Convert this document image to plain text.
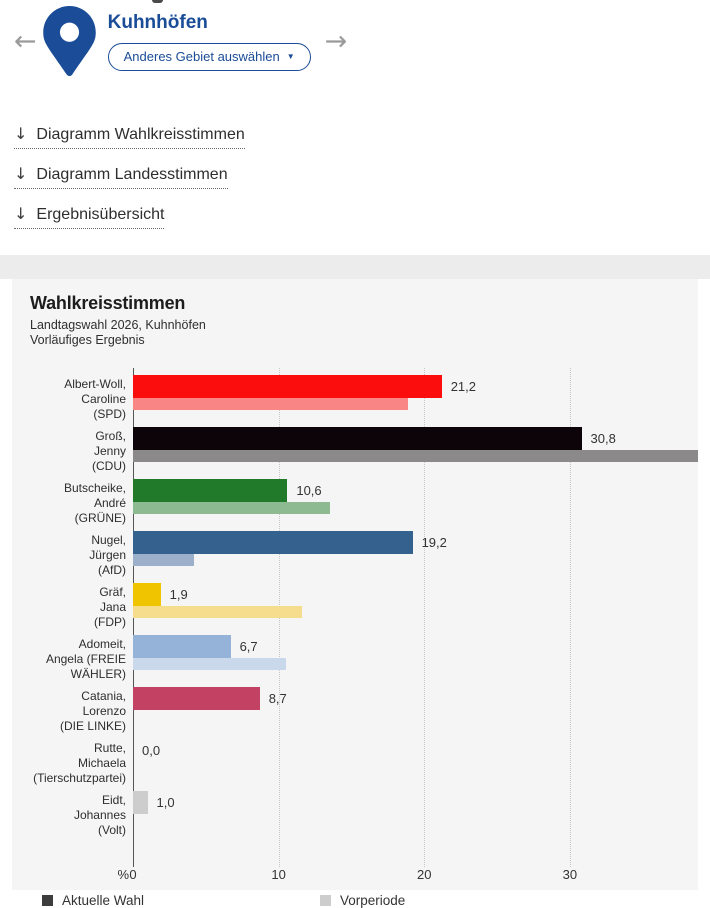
←
Kuhnhöfen
Anderes Gebiet auswählen ▼ →
↓ Diagramm Wahlkreisstimmen
↓ Diagramm Landesstimmen
↓ Ergebnisübersicht
Wahlkreisstimmen
Landtagswahl 2026, Kuhnhöfen
Vorläufiges Ergebnis
Albert-Woll,
Caroline
(SPD)
21,2
Groß,
Jenny
(CDU)
30,8
Butscheike,
André
(GRÜNE)
10,6
Nugel,
Jürgen
(AfD)
19,2
Gräf,
Jana
(FDP)
1,9
Adomeit,
Angela (FREIE
WÄHLER)
6,7
Catania,
Lorenzo
(DIE LINKE)
8,7
Rutte,
Michaela
(Tierschutzpartei)
0,0
Eidt,
Johannes
(Volt)
1,0
% 0	10	20	30
Aktuelle Wahl	Vorperiode
